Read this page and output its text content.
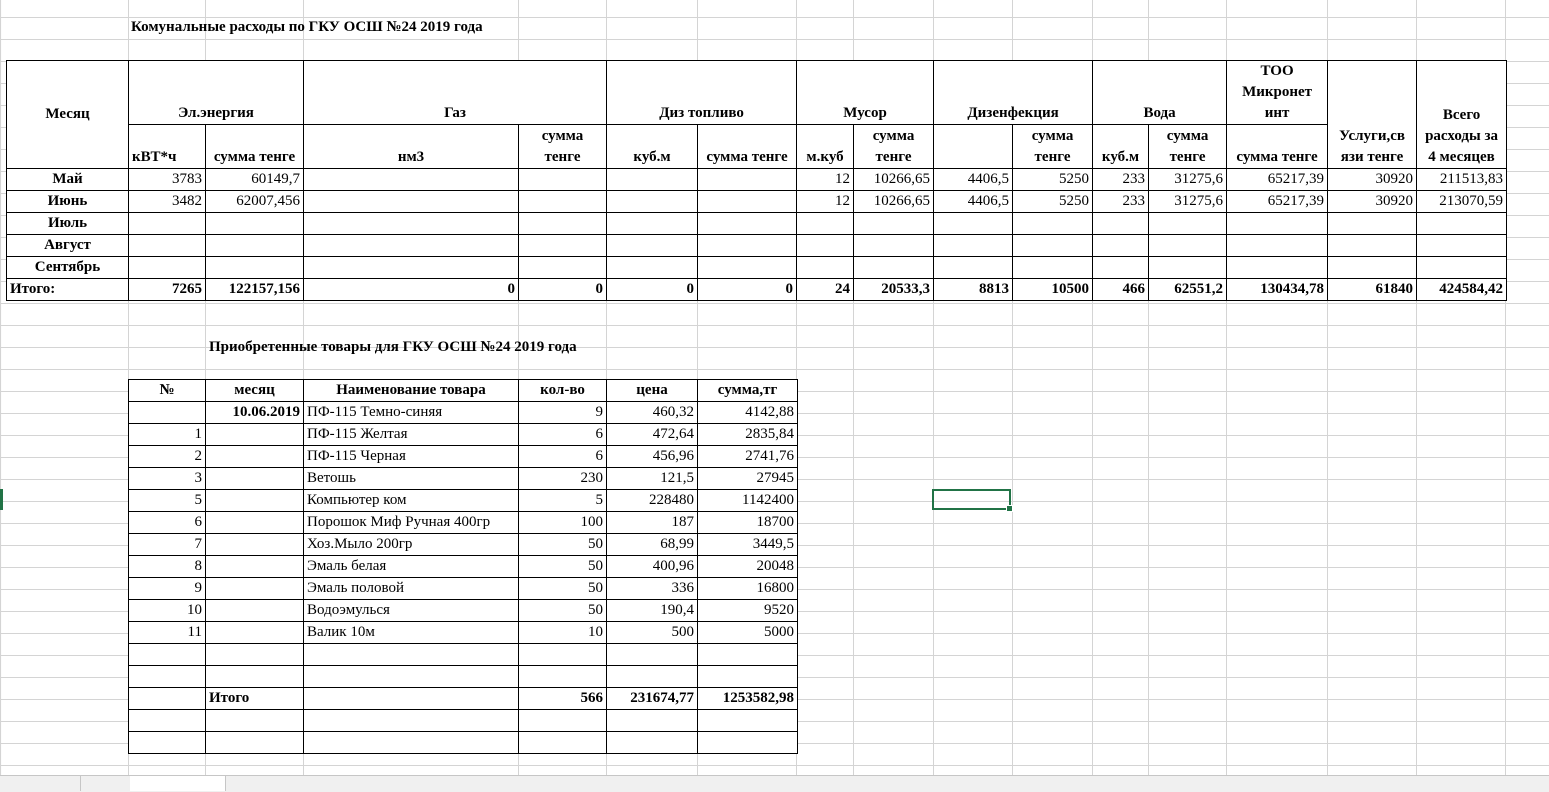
Комунальные расходы по ГКУ ОСШ №24 2019 года
Месяц	Эл.энергия		Газ		Диз топливо		Мусор		Дизенфекция		Вода		ТОО Микронет инт	Услуги,св язи тенге	Всего расходы за 4 месяцев
	кВТ*ч	сумма тенге	нм3	сумма тенге	куб.м	сумма тенге	м.куб	сумма тенге		сумма тенге	куб.м	сумма тенге	сумма тенге		
Май	3783	60149,7					12	10266,65	4406,5	5250	233	31275,6	65217,39	30920	211513,83
Июнь	3482	62007,456					12	10266,65	4406,5	5250	233	31275,6	65217,39	30920	213070,59
Июль															
Август															
Сентябрь															
Итого:	7265	122157,156	0	0	0	0	24	20533,3	8813	10500	466	62551,2	130434,78	61840	424584,42
Приобретенные товары для ГКУ ОСШ №24 2019 года
№	месяц	Наименование товара	кол-во	цена	сумма,тг
	10.06.2019	ПФ-115 Темно-синяя	9	460,32	4142,88
1		ПФ-115 Желтая	6	472,64	2835,84
2		ПФ-115 Черная	6	456,96	2741,76
3		Ветошь	230	121,5	27945
5		Компьютер ком	5	228480	1142400
6		Порошок Миф Ручная 400гр	100	187	18700
7		Хоз.Мыло 200гр	50	68,99	3449,5
8		Эмаль белая	50	400,96	20048
9		Эмаль половой	50	336	16800
10		Водоэмулься	50	190,4	9520
11		Валик 10м	10	500	5000

	Итого		566	231674,77	1253582,98
